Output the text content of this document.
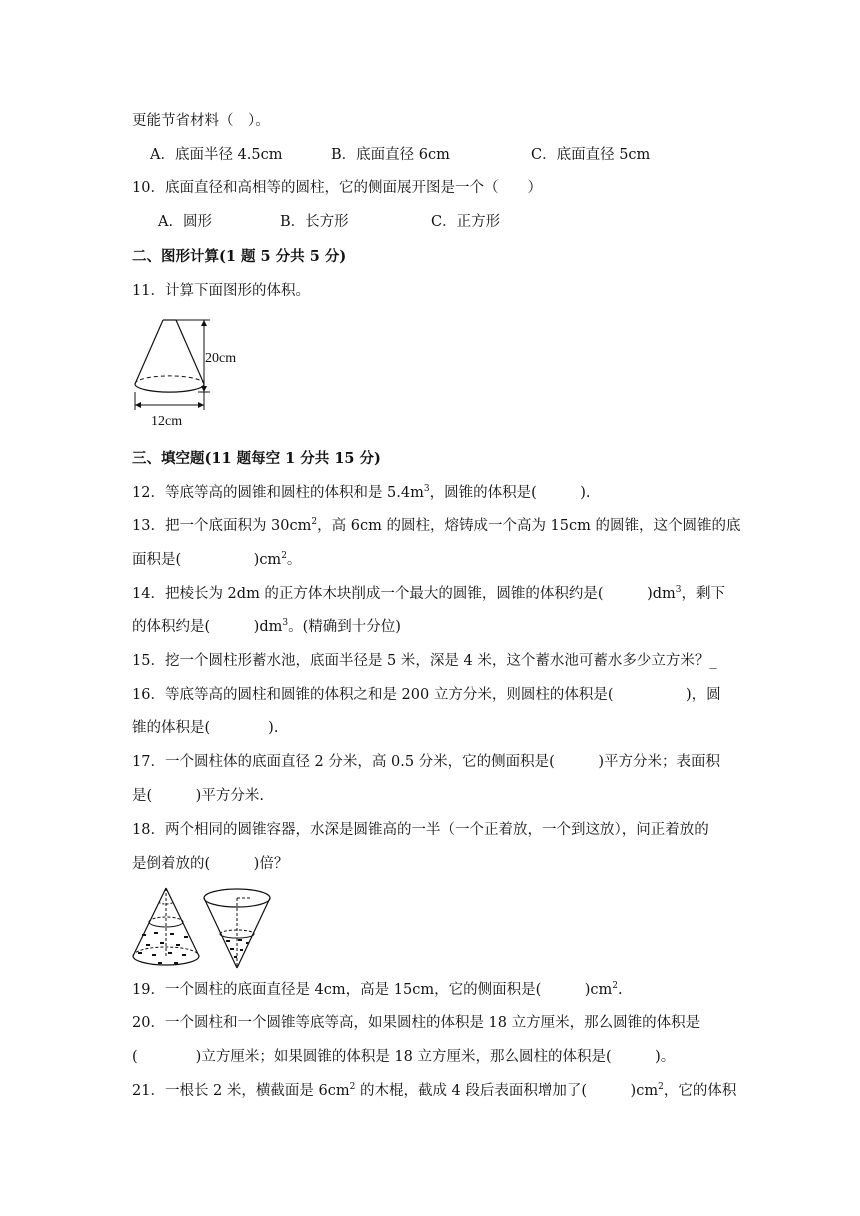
更能节省材料（　）。
A．底面半径 4.5cm	B．底面直径 6cm	C．底面直径 5cm
10．底面直径和高相等的圆柱，它的侧面展开图是一个（　　）
A．圆形	B．长方形	C．正方形
二、图形计算(1 题 5 分共 5 分)
11．计算下面图形的体积。
20cm
12cm
三、填空题(11 题每空 1 分共 15 分)
12．等底等高的圆锥和圆柱的体积和是 $5.4m^3$，圆锥的体积是(　　　).
13．把一个底面积为 $30cm^2$，高 6cm 的圆柱，熔铸成一个高为 15cm 的圆锥，这个圆锥的底
面积是(　　　　　)$cm^2$。
14．把棱长为 2dm 的正方体木块削成一个最大的圆锥，圆锥的体积约是(　　　)$dm^3$，剩下
的体积约是(　　　)$dm^3$。(精确到十分位)
15．挖一个圆柱形蓄水池，底面半径是 5 米，深是 4 米，这个蓄水池可蓄水多少立方米？_
16．等底等高的圆柱和圆锥的体积之和是 200 立方分米，则圆柱的体积是(　　　　　)，圆
锥的体积是(　　　　).
17．一个圆柱体的底面直径 2 分米，高 0.5 分米，它的侧面积是(　　　)平方分米；表面积
是(　　　)平方分米.
18．两个相同的圆锥容器，水深是圆锥高的一半（一个正着放，一个到这放），问正着放的
是倒着放的(　　　)倍？
19．一个圆柱的底面直径是 4cm，高是 15cm，它的侧面积是(　　　)$cm^2$.
20．一个圆柱和一个圆锥等底等高，如果圆柱的体积是 18 立方厘米，那么圆锥的体积是
(　　　　)立方厘米；如果圆锥的体积是 18 立方厘米，那么圆柱的体积是(　　　)。
21．一根长 2 米，横截面是 $6cm^2$ 的木棍，截成 4 段后表面积增加了(　　　)$cm^2$，它的体积
